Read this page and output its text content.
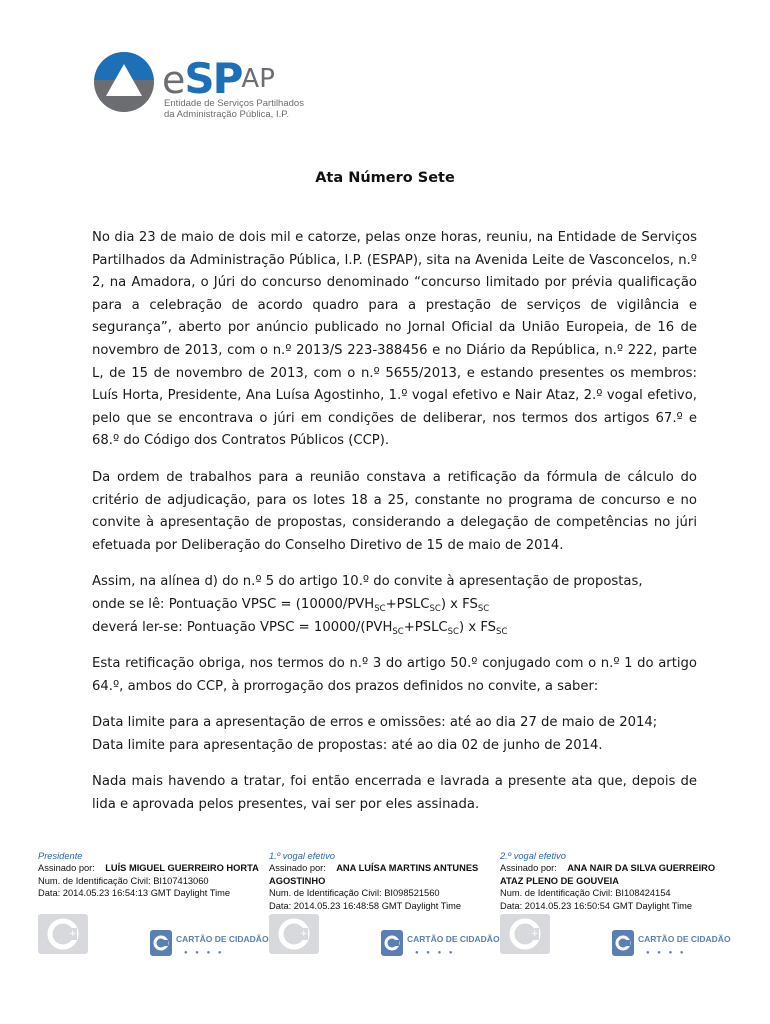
eSPAP
Entidade de Serviços Partilhados
da Administração Pública, I.P.
Ata Número Sete

No dia 23 de maio de dois mil e catorze, pelas onze horas, reuniu, na Entidade de Serviços Partilhados da Administração Pública, I.P. (ESPAP), sita na Avenida Leite de Vasconcelos, n.º 2, na Amadora, o Júri do concurso denominado “concurso limitado por prévia qualificação para a celebração de acordo quadro para a prestação de serviços de vigilância e segurança”, aberto por anúncio publicado no Jornal Oficial da União Europeia, de 16 de novembro de 2013, com o n.º 2013/S 223-388456 e no Diário da República, n.º 222, parte L, de 15 de novembro de 2013, com o n.º 5655/2013, e estando presentes os membros: Luís Horta, Presidente, Ana Luísa Agostinho, 1.º vogal efetivo e Nair Ataz, 2.º vogal efetivo, pelo que se encontrava o júri em condições de deliberar, nos termos dos artigos 67.º e 68.º do Código dos Contratos Públicos (CCP).

Da ordem de trabalhos para a reunião constava a retificação da fórmula de cálculo do critério de adjudicação, para os lotes 18 a 25, constante no programa de concurso e no convite à apresentação de propostas, considerando a delegação de competências no júri efetuada por Deliberação do Conselho Diretivo de 15 de maio de 2014.

Assim, na alínea d) do n.º 5 do artigo 10.º do convite à apresentação de propostas,
onde se lê: Pontuação VPSC = $(10000/PVH_{SC}+PSLC_{SC})$ x $FS_{SC}$
deverá ler-se: Pontuação VPSC = $10000/(PVH_{SC}+PSLC_{SC})$ x $FS_{SC}$

Esta retificação obriga, nos termos do n.º 3 do artigo 50.º conjugado com o n.º 1 do artigo 64.º, ambos do CCP, à prorrogação dos prazos definidos no convite, a saber:

Data limite para a apresentação de erros e omissões: até ao dia 27 de maio de 2014;
Data limite para apresentação de propostas: até ao dia 02 de junho de 2014.

Nada mais havendo a tratar, foi então encerrada e lavrada a presente ata que, depois de lida e aprovada pelos presentes, vai ser por eles assinada.

Presidente
Assinado por: LUÍS MIGUEL GUERREIRO HORTA
Num. de Identificação Civil: BI107413060
Data: 2014.05.23 16:54:13 GMT Daylight Time
+	CARTÃO DE CIDADÃO
● ● ● ●
1.º vogal efetivo
Assinado por: ANA LUÍSA MARTINS ANTUNES AGOSTINHO
Num. de Identificação Civil: BI098521560
Data: 2014.05.23 16:48:58 GMT Daylight Time
+	CARTÃO DE CIDADÃO
● ● ● ●
2.º vogal efetivo
Assinado por: ANA NAIR DA SILVA GUERREIRO ATAZ PLENO DE GOUVEIA
Num. de Identificação Civil: BI108424154
Data: 2014.05.23 16:50:54 GMT Daylight Time
+	CARTÃO DE CIDADÃO
● ● ● ●
